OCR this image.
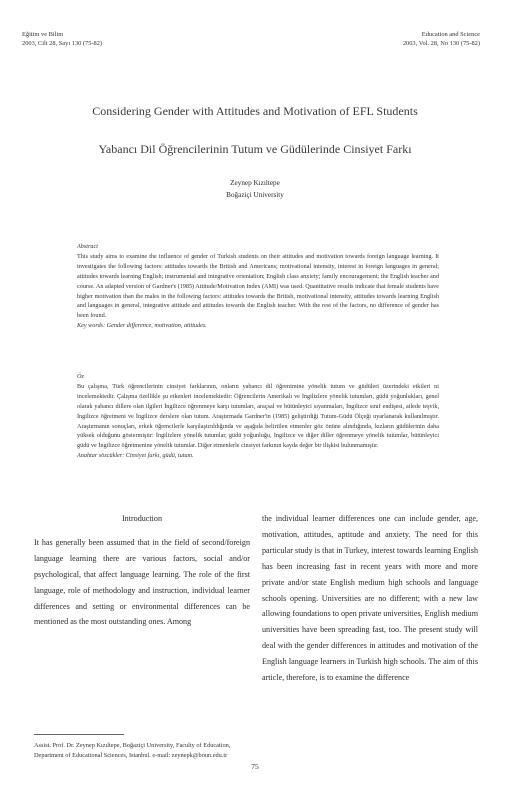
Eğitim ve Bilim
2003, Cilt 28, Sayı 130 (75-82)
Education and Science
2003, Vol. 28, No 130 (75-82)
Considering Gender with Attitudes and Motivation of EFL Students
Yabancı Dil Öğrencilerinin Tutum ve Güdülerinde Cinsiyet Farkı
Zeynep Kızıltepe
Boğaziçi University
Abstract
This study aims to examine the influence of gender of Turkish students on their attitudes and motivation towards foreign language learning. It investigates the following factors: attitudes towards the British and Americans; motivational intensity, interest in foreign languages in general; attitudes towards learning English; instrumental and integrative orientation; English class anxiety; family encouragement; the English teacher and course. An adapted version of Gardner's (1985) Attitude/Motivation Index (AMI) was used. Quantitative results indicate that female students have higher motivation than the males in the following factors: attitudes towards the British, motivational intensity, attitudes towards learning English and languages in general, integrative attitude and attitudes towards the English teacher. With the rest of the factors, no difference of gender has been found.
Key words: Gender difference, motivation, attitudes.
Öz
Bu çalışma, Türk öğrencilerinin cinsiyet farklarının, onların yabancı dil öğrenimine yönelik tutum ve güdüleri üzerindeki etkileri ni incelemektedir. Çalışma özellikle şu etkenleri incelemektedir: Öğrencilerin Amerikalı ve İngilizlere yönelik tutumları, güdü yoğunlukları, genel olarak yabancı dillere olan ilgileri İngilizce öğrenmeye karşı tutumları, araçsal ve bütünleyici sıyanmaları, İngilizce sınıf endişesi, ailede teşvik, İngilizce öğretmeni ve İngilizce derslere olan tutum. Araştırmada Gardner'in (1985) geliştirdiği Tutum-Güdü Ölçeği uyarlanarak kullanılmıştır. Araştırmanın sonuçları, erkek öğrencilerle karşılaştırıldığında ve aşağıda belirtilen etmenler göz önüne alındığında, kızların güdülerinin daha yüksek olduğunu göstermiştir: İngilizlere yönelik tutumlar, güdü yoğunluğu, İngilizce ve diğer diller öğrenmeye yönelik tutumlar, bütünleyici güdü ve İngilizce öğretmenine yönelik tutumlar. Diğer etmenlerle cinsiyet farkının kayda değer bir ilişkisi bulunmamıştır.
Anahtar sözcükler: Cinsiyet farkı, güdü, tutum.
Introduction
It has generally been assumed that in the field of second/foreign language learning there are various factors, social and/or psychological, that affect language learning. The role of the first language, role of methodology and instruction, individual learner differences and setting or environmental differences can be mentioned as the most outstanding ones. Among
the individual learner differences one can include gender, age, motivation, attitudes, aptitude and anxiety. The need for this particular study is that in Turkey, interest towards learning English has been increasing fast in recent years with more and more private and/or state English medium high schools and language schools opening. Universities are no different; with a new law allowing foundations to open private universities, English medium universities have been spreading fast, too. The present study will deal with the gender differences in attitudes and motivation of the English language learners in Turkish high schools. The aim of this article, therefore, is to examine the difference
Assist. Prof. Dr. Zeynep Kızıltepe, Boğaziçi University, Faculty of Education, Department of Educational Sciences, Istanbul. e-mail: zeynepk@boun.edu.tr
75
